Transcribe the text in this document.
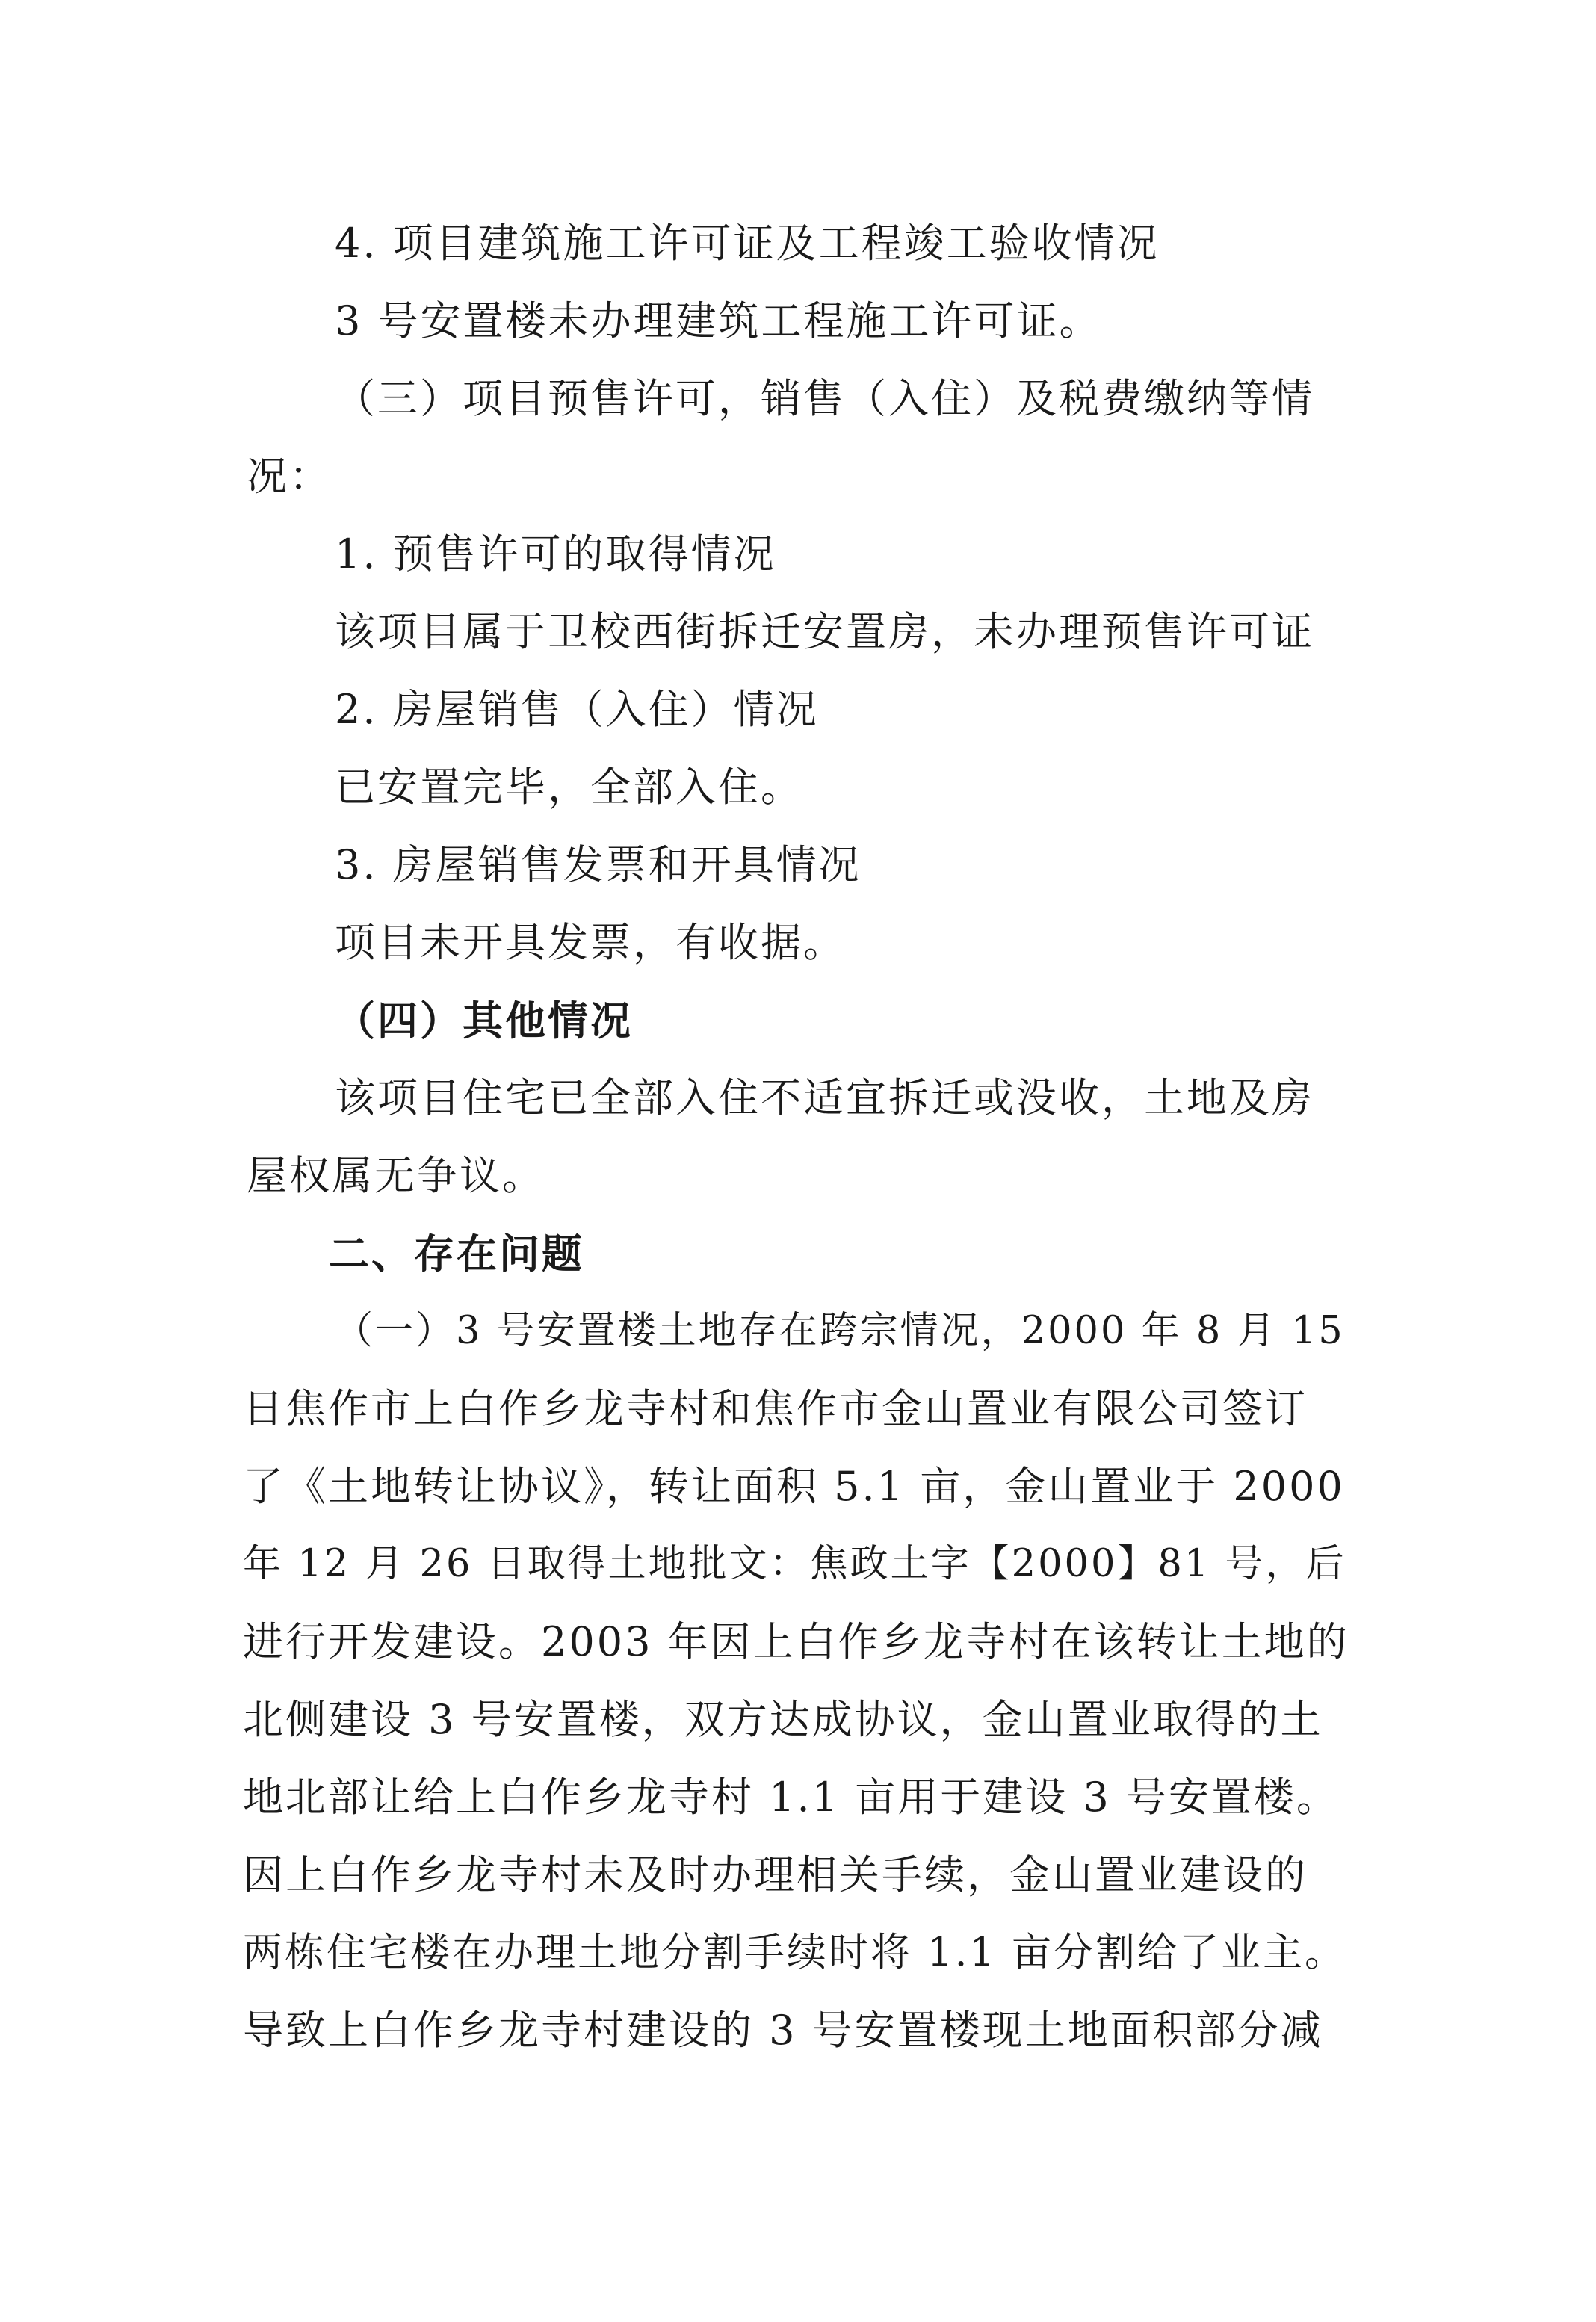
4. 项目建筑施工许可证及工程竣工验收情况
3 号安置楼未办理建筑工程施工许可证。
（三）项目预售许可，销售（入住）及税费缴纳等情
况：
1. 预售许可的取得情况
该项目属于卫校西街拆迁安置房，未办理预售许可证
2. 房屋销售（入住）情况
已安置完毕，全部入住。
3. 房屋销售发票和开具情况
项目未开具发票，有收据。
（四）其他情况
该项目住宅已全部入住不适宜拆迁或没收，土地及房
屋权属无争议。
二、存在问题
（一）3 号安置楼土地存在跨宗情况，2000 年 8 月 15
日焦作市上白作乡龙寺村和焦作市金山置业有限公司签订
了《土地转让协议》，转让面积 5.1 亩，金山置业于 2000
年 12 月 26 日取得土地批文：焦政土字【2000】81 号，后
进行开发建设。2003 年因上白作乡龙寺村在该转让土地的
北侧建设 3 号安置楼，双方达成协议，金山置业取得的土
地北部让给上白作乡龙寺村 1.1 亩用于建设 3 号安置楼。
因上白作乡龙寺村未及时办理相关手续，金山置业建设的
两栋住宅楼在办理土地分割手续时将 1.1 亩分割给了业主。
导致上白作乡龙寺村建设的 3 号安置楼现土地面积部分减
